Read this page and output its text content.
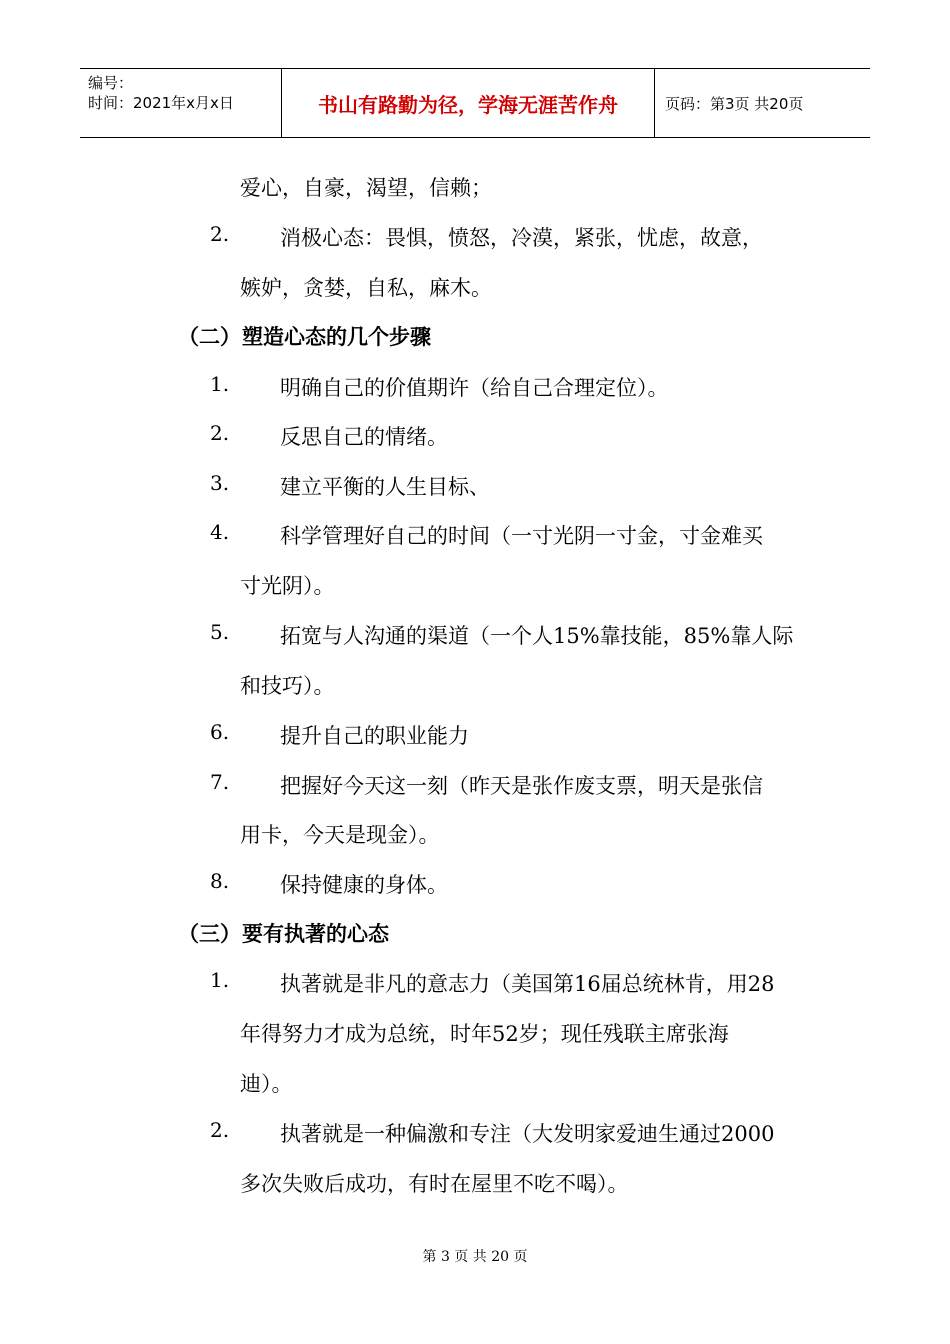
编号：
时间：2021年x月x日	书山有路勤为径，学海无涯苦作舟	页码：第3页 共20页
爱心，自豪，渴望，信赖；
2. 消极心态：畏惧，愤怒，冷漠，紧张，忧虑，故意，
嫉妒，贪婪，自私，麻木。
（二）塑造心态的几个步骤
1. 明确自己的价值期许（给自己合理定位）。
2. 反思自己的情绪。
3. 建立平衡的人生目标、
4. 科学管理好自己的时间（一寸光阴一寸金，寸金难买
寸光阴）。
5. 拓宽与人沟通的渠道（一个人15%靠技能，85%靠人际
和技巧）。
6. 提升自己的职业能力
7. 把握好今天这一刻（昨天是张作废支票，明天是张信
用卡，今天是现金）。
8. 保持健康的身体。
（三）要有执著的心态
1. 执著就是非凡的意志力（美国第16届总统林肯，用28
年得努力才成为总统，时年52岁；现任残联主席张海
迪）。
2. 执著就是一种偏激和专注（大发明家爱迪生通过2000
多次失败后成功，有时在屋里不吃不喝）。
第 3 页 共 20 页
